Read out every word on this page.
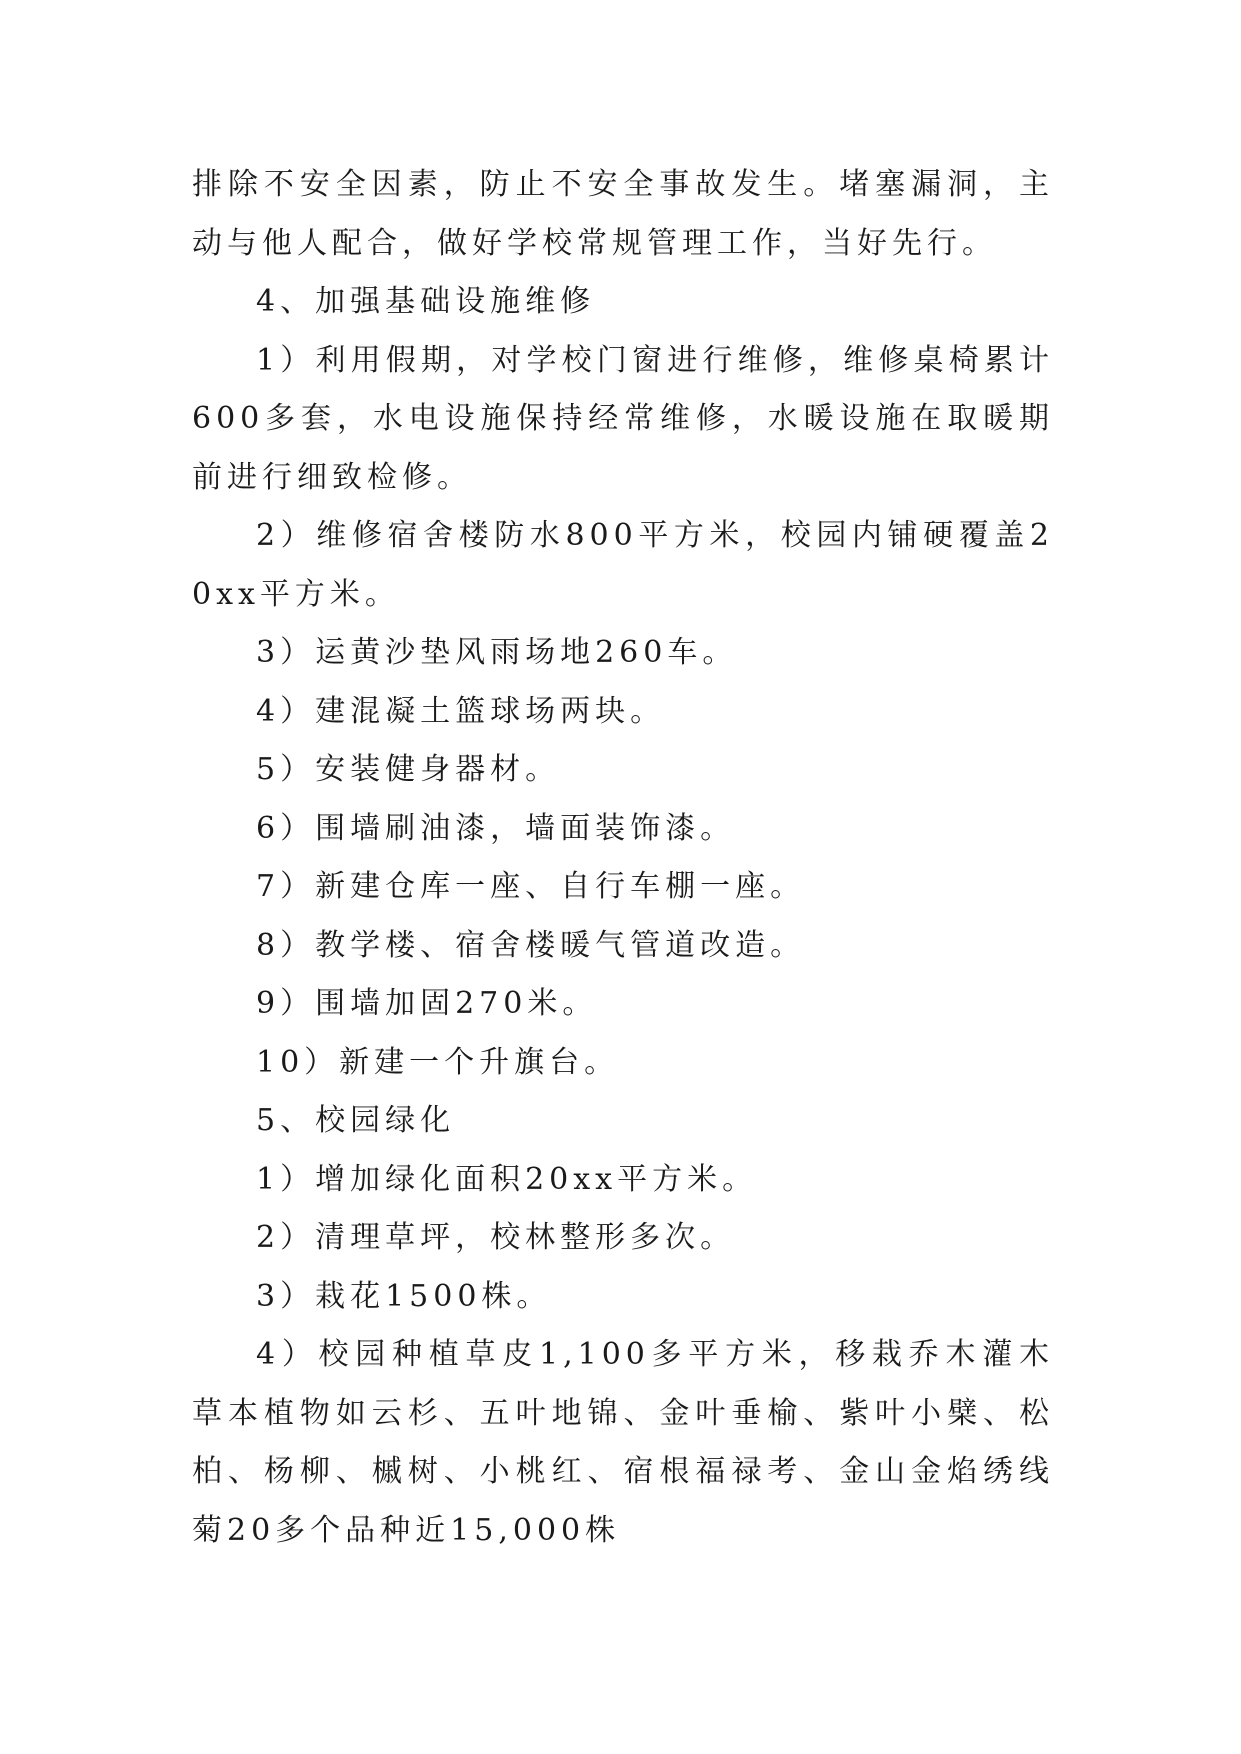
排除不安全因素，防止不安全事故发生。堵塞漏洞，主动与他人配合，做好学校常规管理工作，当好先行。

4、加强基础设施维修

1）利用假期，对学校门窗进行维修，维修桌椅累计600多套，水电设施保持经常维修，水暖设施在取暖期前进行细致检修。

2）维修宿舍楼防水800平方米，校园内铺硬覆盖20xx平方米。

3）运黄沙垫风雨场地260车。

4）建混凝土篮球场两块。

5）安装健身器材。

6）围墙刷油漆，墙面装饰漆。

7）新建仓库一座、自行车棚一座。

8）教学楼、宿舍楼暖气管道改造。

9）围墙加固270米。

10）新建一个升旗台。

5、校园绿化

1）增加绿化面积20xx平方米。

2）清理草坪，校林整形多次。

3）栽花1500株。

4）校园种植草皮1,100多平方米，移栽乔木灌木草本植物如云杉、五叶地锦、金叶垂榆、紫叶小檗、松柏、杨柳、槭树、小桃红、宿根福禄考、金山金焰绣线菊20多个品种近15,000株
